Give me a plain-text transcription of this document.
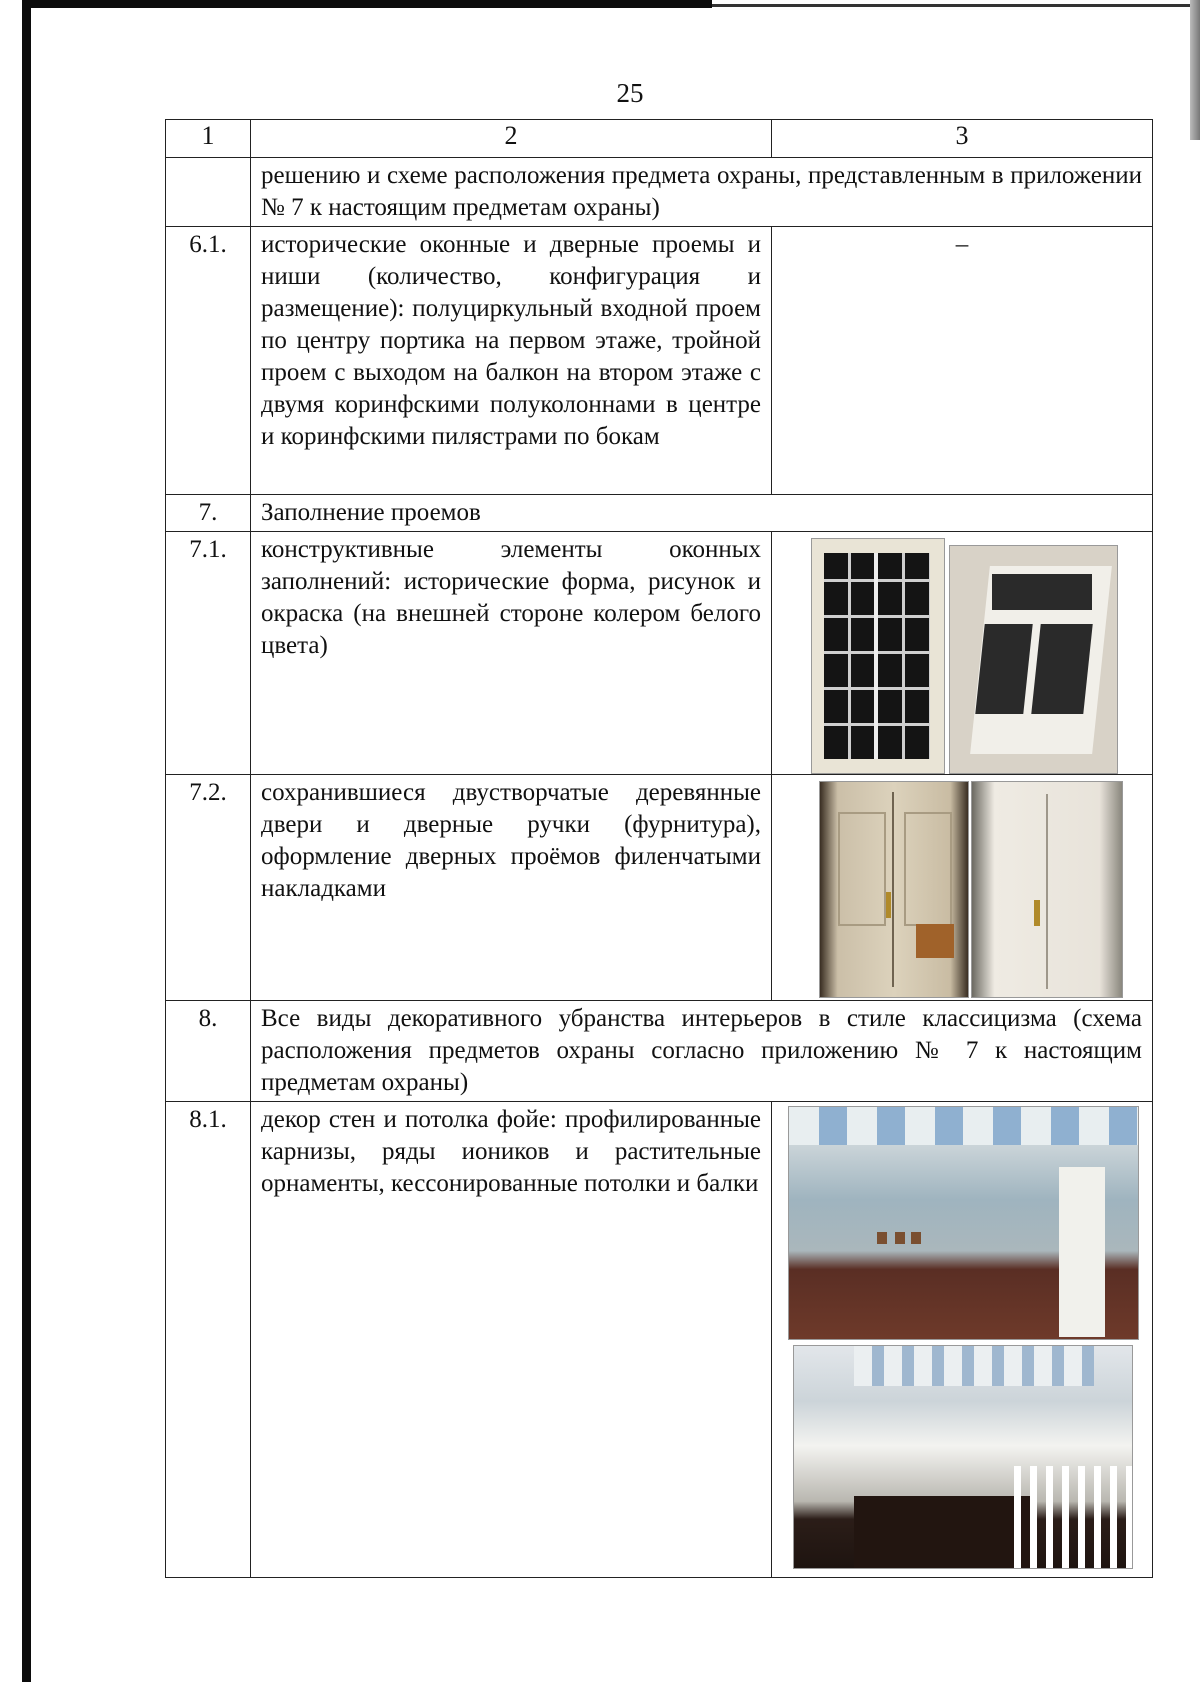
25
1	2	3
	решению и схеме расположения предмета охраны, представленным в приложении № 7 к настоящим предметам охраны)	
6.1.	исторические оконные и дверные проемы и ниши (количество, конфигурация и размещение): полуциркульный входной проем по центру портика на первом этаже, тройной проем с выходом на балкон на втором этаже с двумя коринфскими полуколоннами в центре и коринфскими пилястрами по бокам	–
7.	Заполнение проемов	
7.1.	конструктивные элементы оконных заполнений: исторические форма, рисунок и окраска (на внешней стороне колером белого цвета)	

7.2.	сохранившиеся двустворчатые деревянные двери и дверные ручки (фурнитура), оформление дверных проёмов филенчатыми накладками	

8.	Все виды декоративного убранства интерьеров в стиле классицизма (схема расположения предметов охраны согласно приложению № 7 к настоящим предметам охраны)	
8.1.	декор стен и потолка фойе: профилированные карнизы, ряды иоников и растительные орнаменты, кессонированные потолки и балки	
